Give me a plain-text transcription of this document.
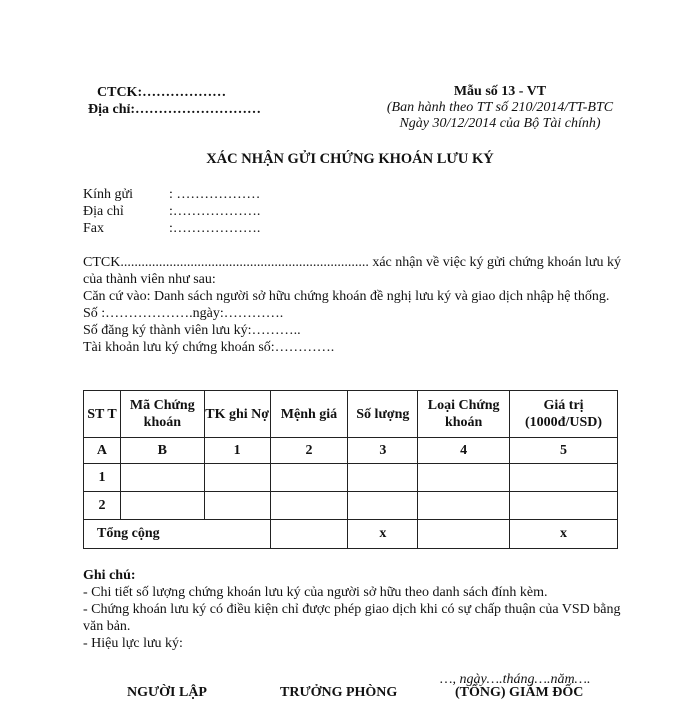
CTCK:………………
Địa chỉ:………………………
Mẫu số 13 - VT
(Ban hành theo TT số 210/2014/TT-BTC
Ngày 30/12/2014 của Bộ Tài chính)
XÁC NHẬN GỬI CHỨNG KHOÁN LƯU KÝ
Kính gửi	: ………………
Địa chỉ	:……………….
Fax	:……………….

CTCK....................................................................... xác nhận về việc ký gửi chứng khoán lưu ký của thành viên như sau:

Căn cứ vào: Danh sách người sở hữu chứng khoán đề nghị lưu ký và giao dịch nhập hệ thống.

Số :……………….ngày:………….

Số đăng ký thành viên lưu ký:………..

Tài khoản lưu ký chứng khoán số:………….

ST T	Mã Chứng khoán	TK ghi Nợ	Mệnh giá	Số lượng	Loại Chứng khoán	Giá trị (1000đ/USD)
A	B	1	2	3	4	5
1						
2						
Tổng cộng				x		x

Ghi chú:

- Chi tiết số lượng chứng khoán lưu ký của người sở hữu theo danh sách đính kèm.

- Chứng khoán lưu ký có điều kiện chỉ được phép giao dịch khi có sự chấp thuận của VSD bằng văn bản.

- Hiệu lực lưu ký:

…, ngày….tháng….năm….
NGƯỜI LẬP	TRƯỞNG PHÒNG	(TỔNG) GIÁM ĐỐC
